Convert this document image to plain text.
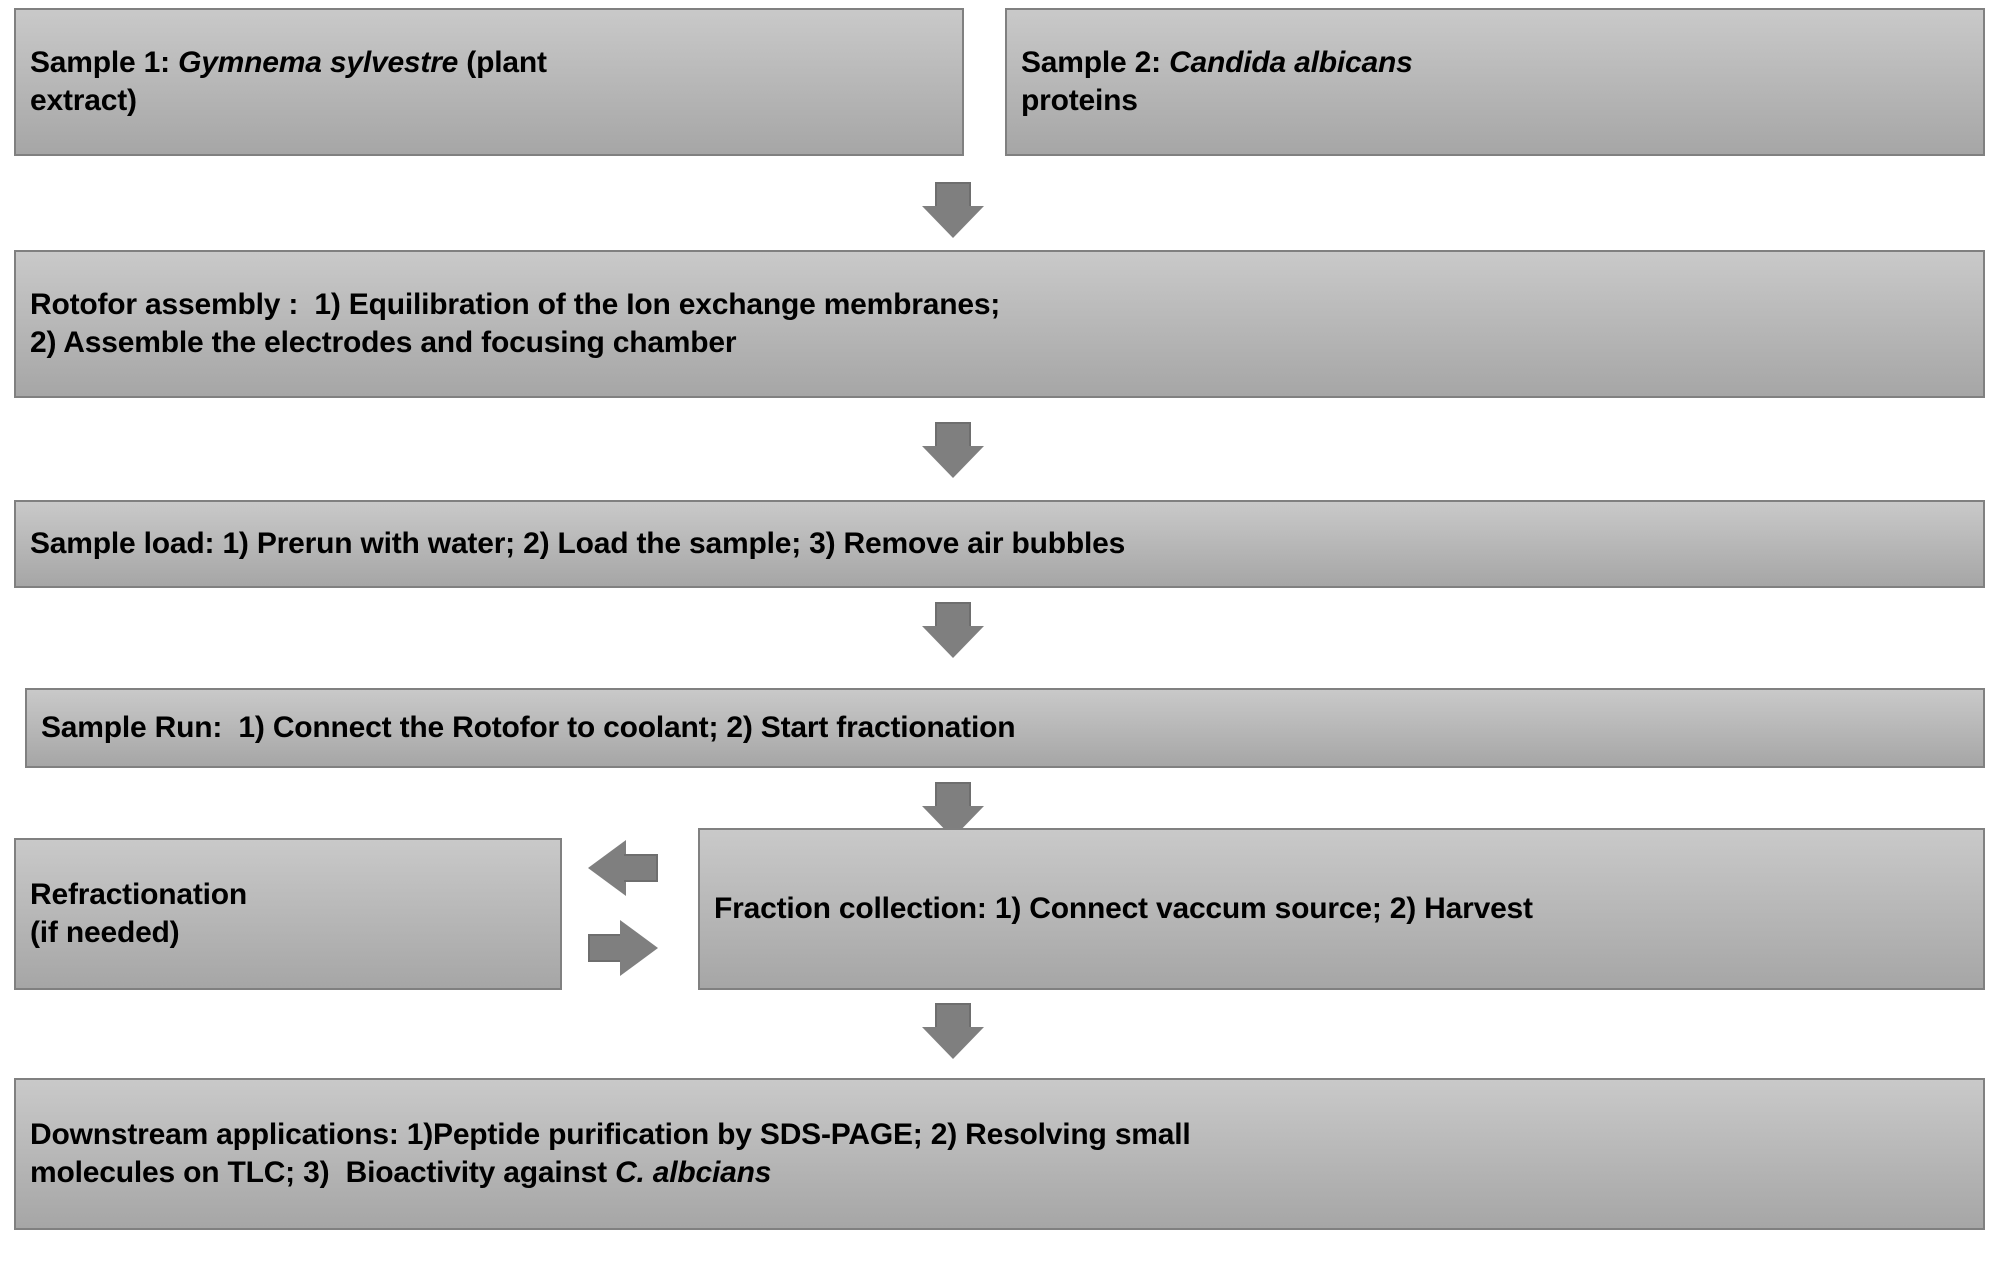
Sample 1: Gymnema sylvestre (plant
extract)
Sample 2: Candida albicans
proteins
Rotofor assembly :  1) Equilibration of the Ion exchange membranes;
2) Assemble the electrodes and focusing chamber
Sample load: 1) Prerun with water; 2) Load the sample; 3) Remove air bubbles
Sample Run:  1) Connect the Rotofor to coolant; 2) Start fractionation
Refractionation
(if needed)
Fraction collection: 1) Connect vaccum source; 2) Harvest
Downstream applications: 1)Peptide purification by SDS-PAGE; 2) Resolving small
molecules on TLC; 3)  Bioactivity against C. albcians
